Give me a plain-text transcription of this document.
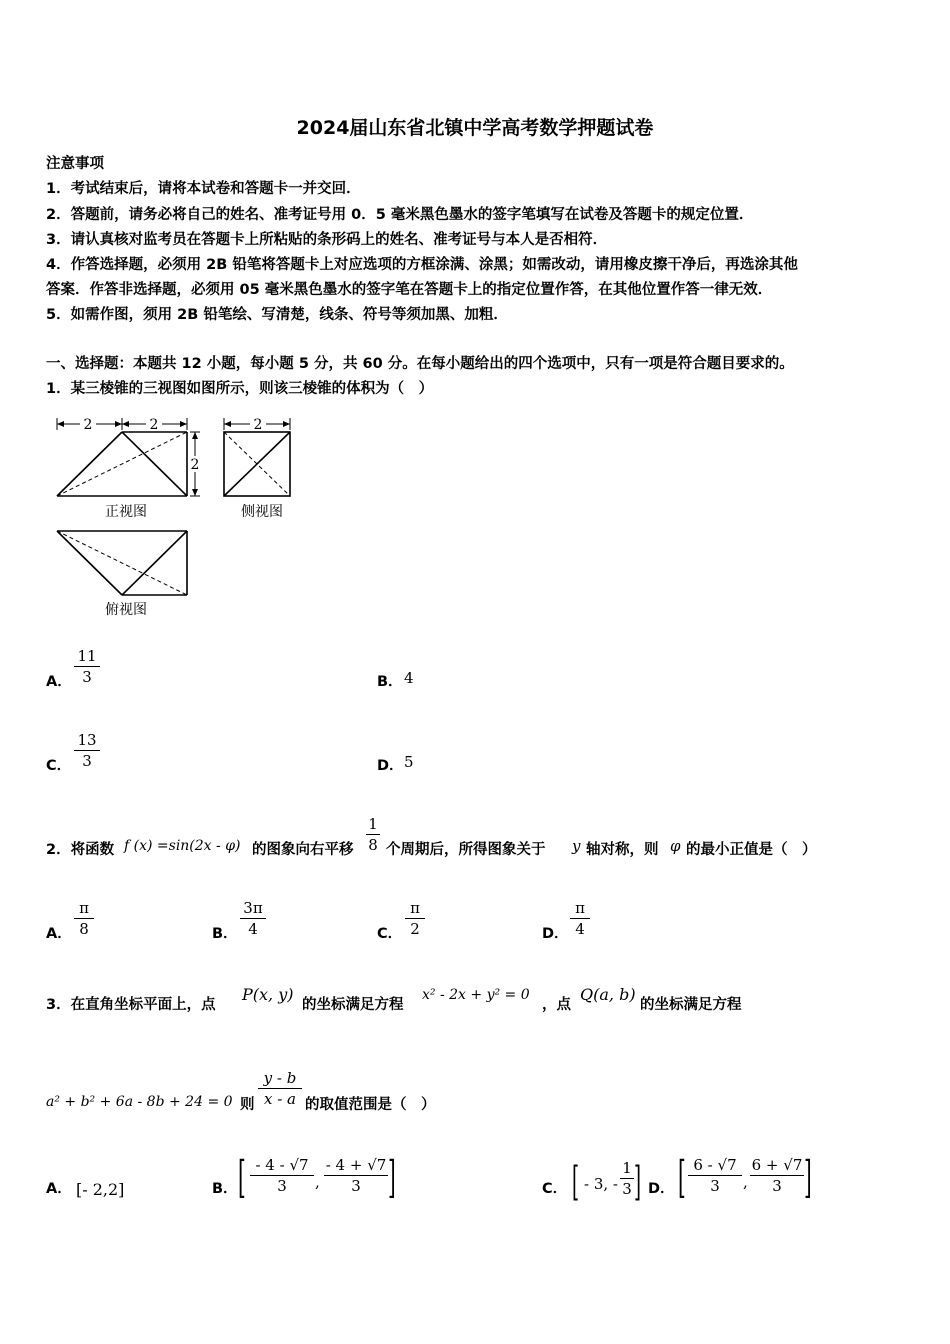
2024届山东省北镇中学高考数学押题试卷
注意事项
1．考试结束后，请将本试卷和答题卡一并交回．
2．答题前，请务必将自己的姓名、准考证号用 0．5 毫米黑色墨水的签字笔填写在试卷及答题卡的规定位置．
3．请认真核对监考员在答题卡上所粘贴的条形码上的姓名、准考证号与本人是否相符．
4．作答选择题，必须用 2B 铅笔将答题卡上对应选项的方框涂满、涂黑；如需改动，请用橡皮擦干净后，再选涂其他
答案．作答非选择题，必须用 05 毫米黑色墨水的签字笔在答题卡上的指定位置作答，在其他位置作答一律无效．
5．如需作图，须用 2B 铅笔绘、写清楚，线条、符号等须加黑、加粗．
一、选择题：本题共 12 小题，每小题 5 分，共 60 分。在每小题给出的四个选项中，只有一项是符合题目要求的。
1．某三棱锥的三视图如图所示，则该三棱锥的体积为（　）
2	2
2
正视图
2
侧视图
俯视图
A．
11
3	B． 4
C．
13
3	D． 5
2．将函数 f (x) =sin(2x - φ) 的图象向右平移
1
8 个周期后，所得图象关于 y 轴对称，则 φ 的最小正值是（　）
A．
π
8	B．
3π
4	C．
π
2	D．
π
4
3．在直角坐标平面上，点
P(x, y)
的坐标满足方程
x² - 2x + y² = 0
，点
Q(a, b)
的坐标满足方程
a² + b² + 6a - 8b + 24 = 0 则
y - b
x - a 的取值范围是（　）
A． [- 2,2]	B． [ - 4 - √7
3	,
- 4 + √7
3 ]	C． [ - 3, -
1
3 ] D． [ 6 - √7
3	,
6 + √7
3 ]
